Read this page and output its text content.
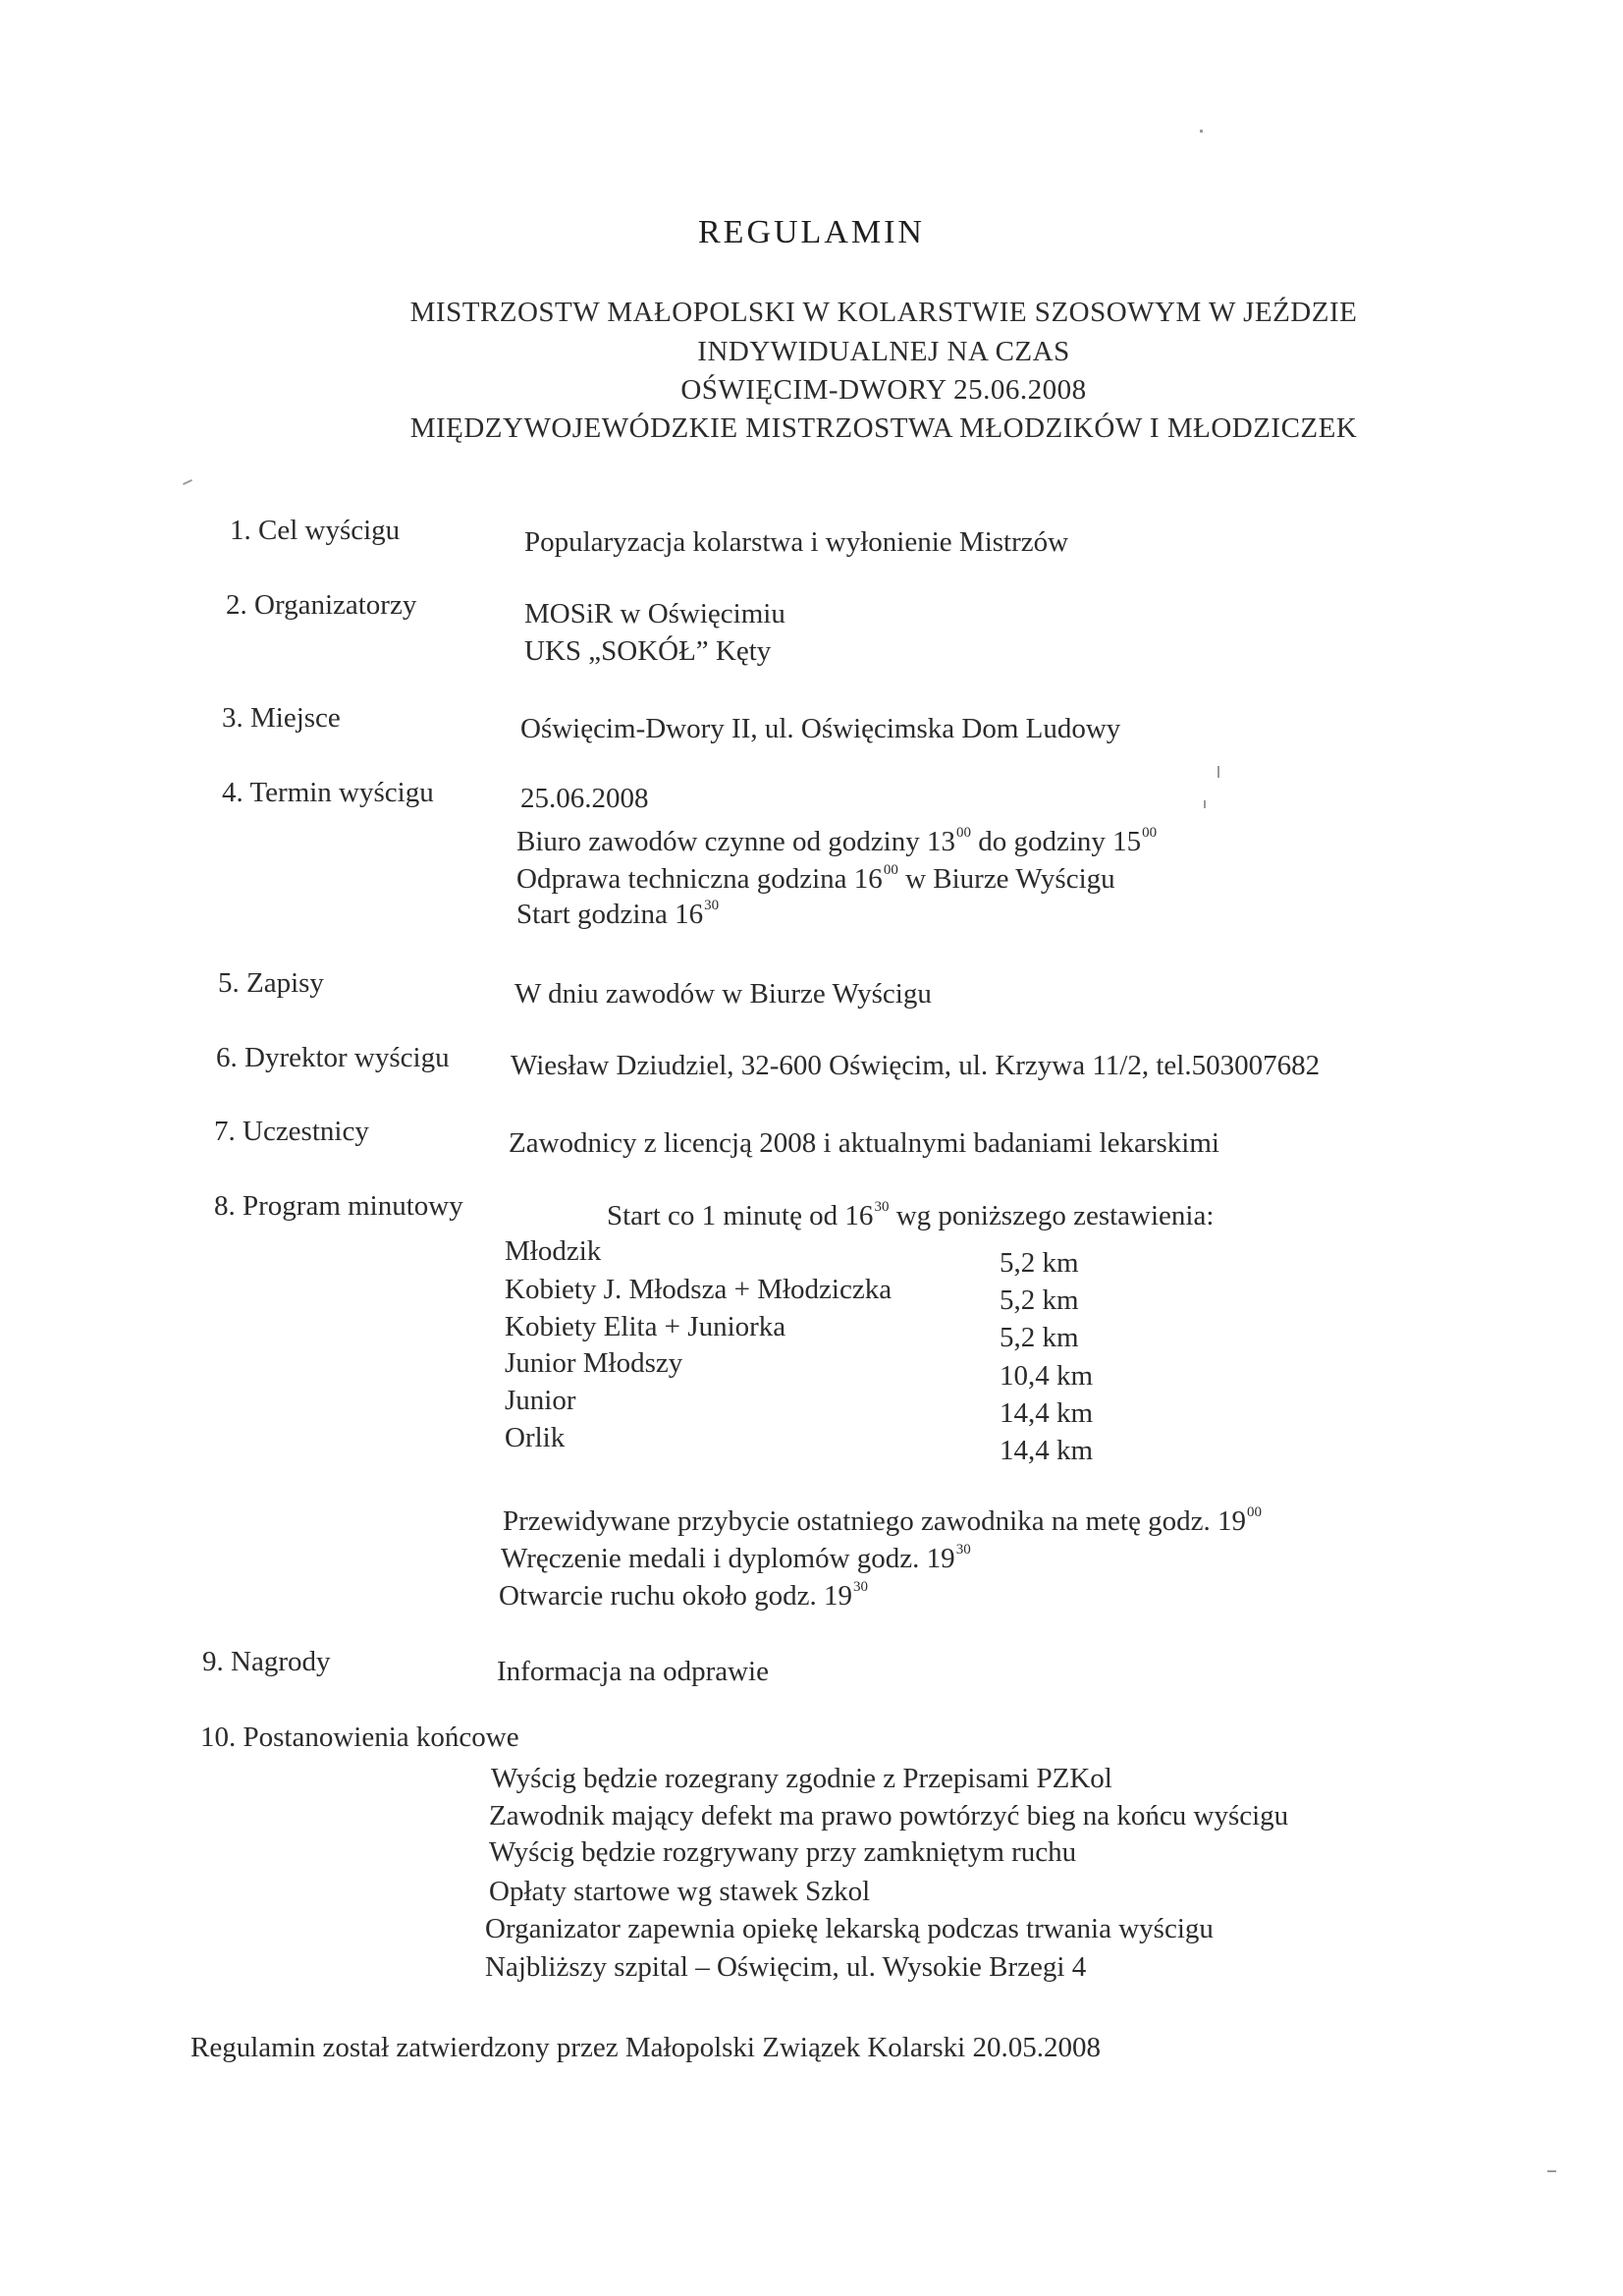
REGULAMIN
MISTRZOSTW MAŁOPOLSKI W KOLARSTWIE SZOSOWYM W JEŹDZIE
INDYWIDUALNEJ NA CZAS
OŚWIĘCIM-DWORY 25.06.2008
MIĘDZYWOJEWÓDZKIE MISTRZOSTWA MŁODZIKÓW I MŁODZICZEK
1. Cel wyścigu	Popularyzacja kolarstwa i wyłonienie Mistrzów
2. Organizatorzy	MOSiR w Oświęcimiu
UKS „SOKÓŁ” Kęty
3. Miejsce	Oświęcim-Dwory II, ul. Oświęcimska Dom Ludowy
4. Termin wyścigu	25.06.2008
Biuro zawodów czynne od godziny $13^{00}$ do godziny $15^{00}$
Odprawa techniczna godzina $16^{00}$ w Biurze Wyścigu
Start godzina $16^{30}$
5. Zapisy	W dniu zawodów w Biurze Wyścigu
6. Dyrektor wyścigu Wiesław Dziudziel, 32-600 Oświęcim, ul. Krzywa 11/2, tel.503007682
7. Uczestnicy	Zawodnicy z licencją 2008 i aktualnymi badaniami lekarskimi
8. Program minutowy	Start co 1 minutę od $16^{30}$ wg poniższego zestawienia:
Młodzik	5,2 km
Kobiety J. Młodsza + Młodziczka	5,2 km
Kobiety Elita + Juniorka	5,2 km
Junior Młodszy	10,4 km
Junior	14,4 km
Orlik	14,4 km
Przewidywane przybycie ostatniego zawodnika na metę godz. $19^{00}$
Wręczenie medali i dyplomów godz. $19^{30}$
Otwarcie ruchu około godz. $19^{30}$
9. Nagrody	Informacja na odprawie
10. Postanowienia końcowe
Wyścig będzie rozegrany zgodnie z Przepisami PZKol
Zawodnik mający defekt ma prawo powtórzyć bieg na końcu wyścigu
Wyścig będzie rozgrywany przy zamkniętym ruchu
Opłaty startowe wg stawek Szkol
Organizator zapewnia opiekę lekarską podczas trwania wyścigu
Najbliższy szpital – Oświęcim, ul. Wysokie Brzegi 4
Regulamin został zatwierdzony przez Małopolski Związek Kolarski 20.05.2008
